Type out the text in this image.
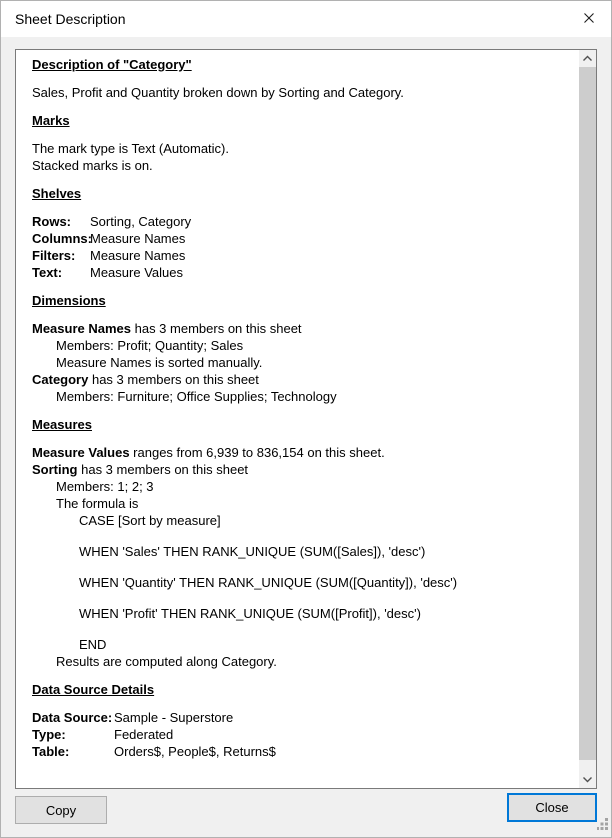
Sheet Description
Description of "Category"
Sales, Profit and Quantity broken down by Sorting and Category.
Marks
The mark type is Text (Automatic).
Stacked marks is on.
Shelves
Rows: Sorting, Category
Columns:Measure Names
Filters: Measure Names
Text: Measure Values
Dimensions
Measure Names has 3 members on this sheet
Members: Profit; Quantity; Sales
Measure Names is sorted manually.
Category has 3 members on this sheet
Members: Furniture; Office Supplies; Technology
Measures
Measure Values ranges from 6,939 to 836,154 on this sheet.
Sorting has 3 members on this sheet
Members: 1; 2; 3
The formula is
CASE [Sort by measure]
WHEN 'Sales' THEN RANK_UNIQUE (SUM([Sales]), 'desc')
WHEN 'Quantity' THEN RANK_UNIQUE (SUM([Quantity]), 'desc')
WHEN 'Profit' THEN RANK_UNIQUE (SUM([Profit]), 'desc')
END
Results are computed along Category.
Data Source Details
Data Source: Sample - Superstore
Type:	Federated
Table:	Orders$, People$, Returns$
Copy	Close
